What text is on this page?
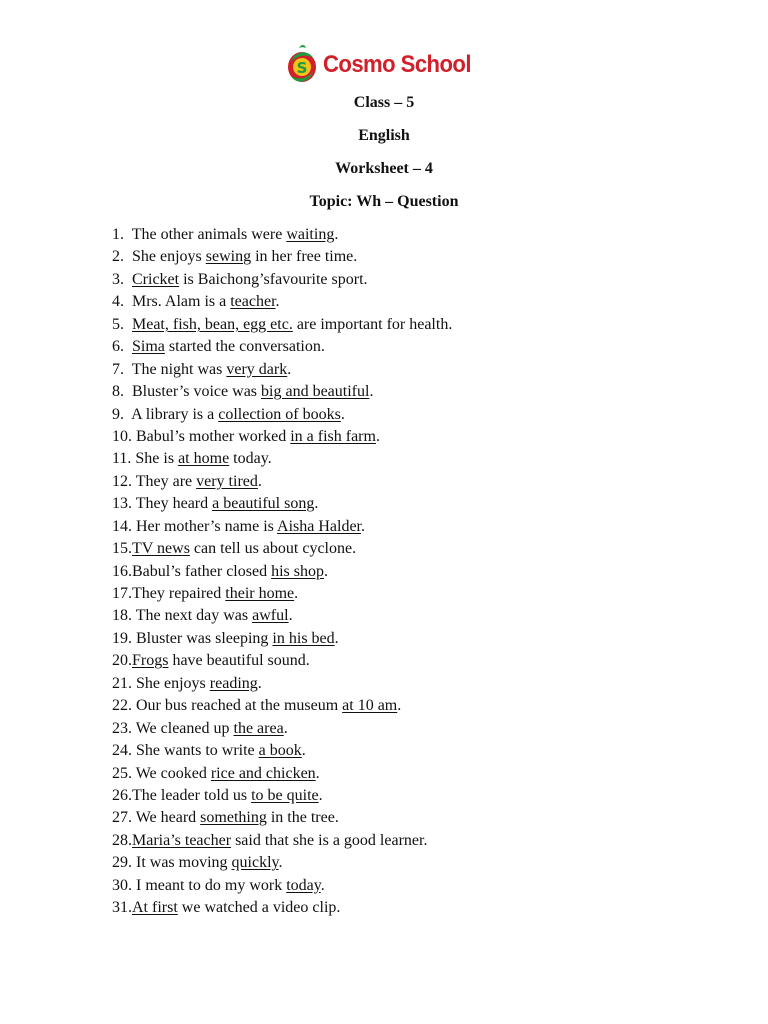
S Cosmo School
Class – 5
English
Worksheet – 4
Topic: Wh – Question
1.  The other animals were waiting.
2.  She enjoys sewing in her free time.
3.  Cricket is Baichong’sfavourite sport.
4.  Mrs. Alam is a teacher.
5.  Meat, fish, bean, egg etc. are important for health.
6.  Sima started the conversation.
7.  The night was very dark.
8.  Bluster’s voice was big and beautiful.
9.  A library is a collection of books.
10. Babul’s mother worked in a fish farm.
11. She is at home today.
12. They are very tired.
13. They heard a beautiful song.
14. Her mother’s name is Aisha Halder.
15.TV news can tell us about cyclone.
16.Babul’s father closed his shop.
17.They repaired their home.
18. The next day was awful.
19. Bluster was sleeping in his bed.
20.Frogs have beautiful sound.
21. She enjoys reading.
22. Our bus reached at the museum at 10 am.
23. We cleaned up the area.
24. She wants to write a book.
25. We cooked rice and chicken.
26.The leader told us to be quite.
27. We heard something in the tree.
28.Maria’s teacher said that she is a good learner.
29. It was moving quickly.
30. I meant to do my work today.
31.At first we watched a video clip.
